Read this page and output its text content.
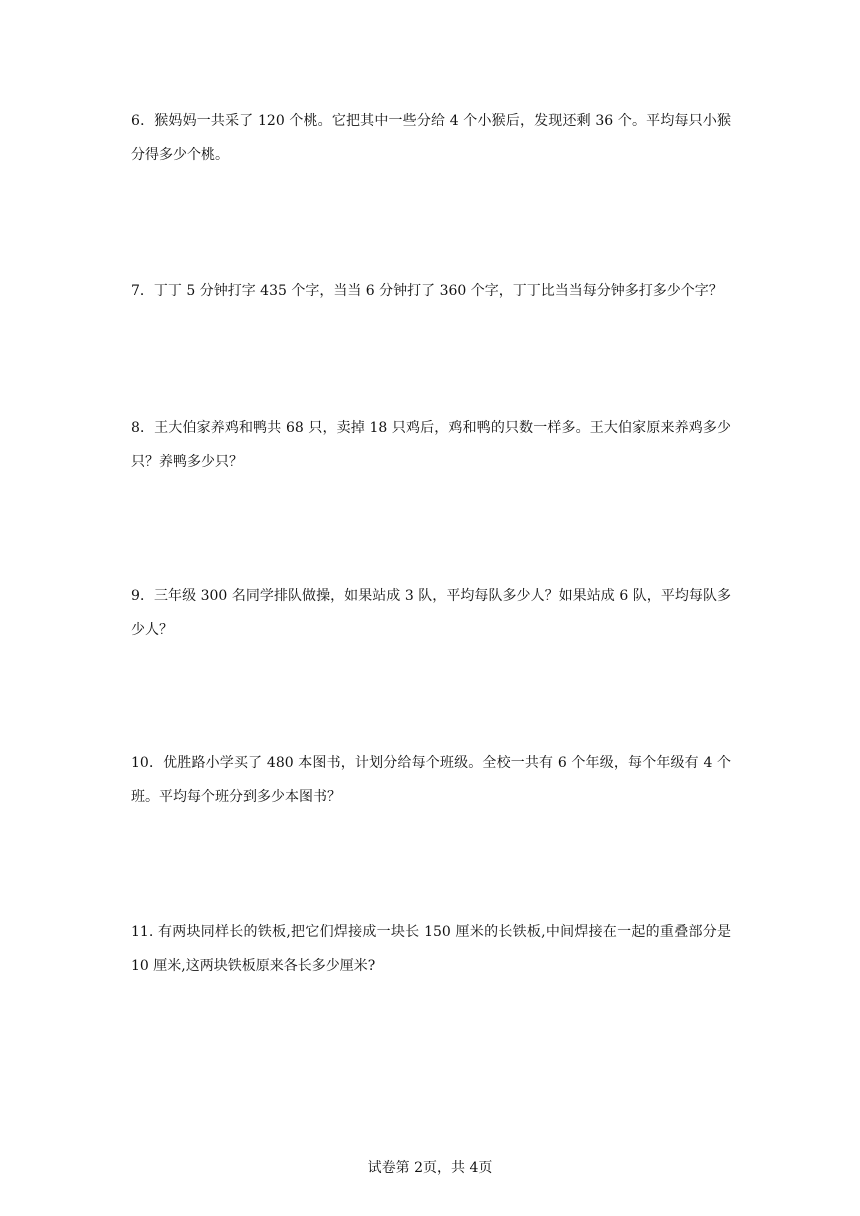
6．猴妈妈一共采了 120 个桃。它把其中一些分给 4 个小猴后，发现还剩 36 个。平均每只小猴分得多少个桃。

7．丁丁 5 分钟打字 435 个字，当当 6 分钟打了 360 个字，丁丁比当当每分钟多打多少个字？

8．王大伯家养鸡和鸭共 68 只，卖掉 18 只鸡后，鸡和鸭的只数一样多。王大伯家原来养鸡多少只？养鸭多少只？

9．三年级 300 名同学排队做操，如果站成 3 队，平均每队多少人？如果站成 6 队，平均每队多少人？

10．优胜路小学买了 480 本图书，计划分给每个班级。全校一共有 6 个年级，每个年级有 4 个班。平均每个班分到多少本图书？

11. 有两块同样长的铁板,把它们焊接成一块长 150 厘米的长铁板,中间焊接在一起的重叠部分是 10 厘米,这两块铁板原来各长多少厘米?

试卷第 2页，共 4页
